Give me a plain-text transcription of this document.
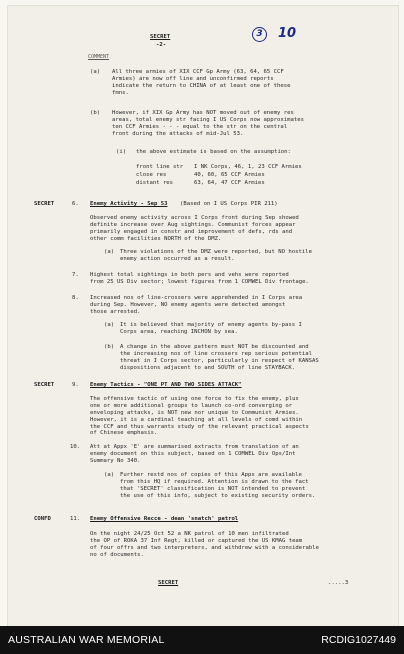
SECRET
-2-
COMMENT
3	10
(a) All three armies of XIX CCF Gp Army (63, 64, 65 CCF
Armies) are now off line and unconfirmed reports
indicate the return to CHINA of at least one of these
fmns.
(b) However, if XIX Gp Army has NOT moved out of enemy res
areas, total enemy str facing I US Corps now approximates
ten CCF Armies - - - equal to the str on the central
front during the attacks of mid-Jul 53.
(i) the above estimate is based on the assumption:
front line str I NK Corps, 46, 1, 23 CCF Armies
close res	40, 60, 65 CCF Armies
distant res	63, 64, 47 CCF Armies
SECRET	6. Enemy Activity - Sep 53 (Based on I US Corps PIR 211)
Observed enemy activity across I Corps front during Sep showed
definite increase over Aug sightings. Communist forces appear
primarily engaged in constr and improvement of defs, rds and
other comm facilities NORTH of the DMZ.
(a) Three violations of the DMZ were reported, but NO hostile
enemy action occurred as a result.
7. Highest total sightings in both pers and vehs were reported
from 25 US Div sector; lowest figures from 1 COMWEL Div frontage.
8. Increased nos of line-crossers were apprehended in I Corps area
during Sep. However, NO enemy agents were detected amongst
those arrested.
(a) It is believed that majority of enemy agents by-pass I
Corps area, reaching INCHON by sea.
(b) A change in the above pattern must NOT be discounted and
the increasing nos of line crossers rep serious potential
threat in I Corps sector, particularly in respect of KANSAS
dispositions adjacent to and SOUTH of line STAYBACK.
SECRET	9. Enemy Tactics - "ONE PT AND TWO SIDES ATTACK"
The offensive tactic of using one force to fix the enemy, plus
one or more additional groups to launch co-ord converging or
enveloping attacks, is NOT new nor unique to Communist Armies.
However, it is a cardinal teaching at all levels of comd within
the CCF and thus warrants study of the relevant practical aspects
of Chinese emphasis.
10. Att at Appx 'E' are summarised extracts from translation of an
enemy document on this subject, based on 1 COMWEL Div Ops/Int
Summary No 340.
(a) Further restd nos of copies of this Appx are available
from this HQ if required. Attention is drawn to the fact
that 'SECRET' classification is NOT intended to prevent
the use of this info, subject to existing security orders.
CONFD	11. Enemy Offensive Recce - dean 'snatch' patrol
On the night 24/25 Oct 52 a NK patrol of 10 men infiltrated
the OP of ROKA 37 Inf Regt, killed or captured the US KMAG team
of four offrs and two interpreters, and withdrew with a considerable
no of documents.
SECRET	.....3
AUSTRALIAN WAR MEMORIAL	RCDIG1027449
